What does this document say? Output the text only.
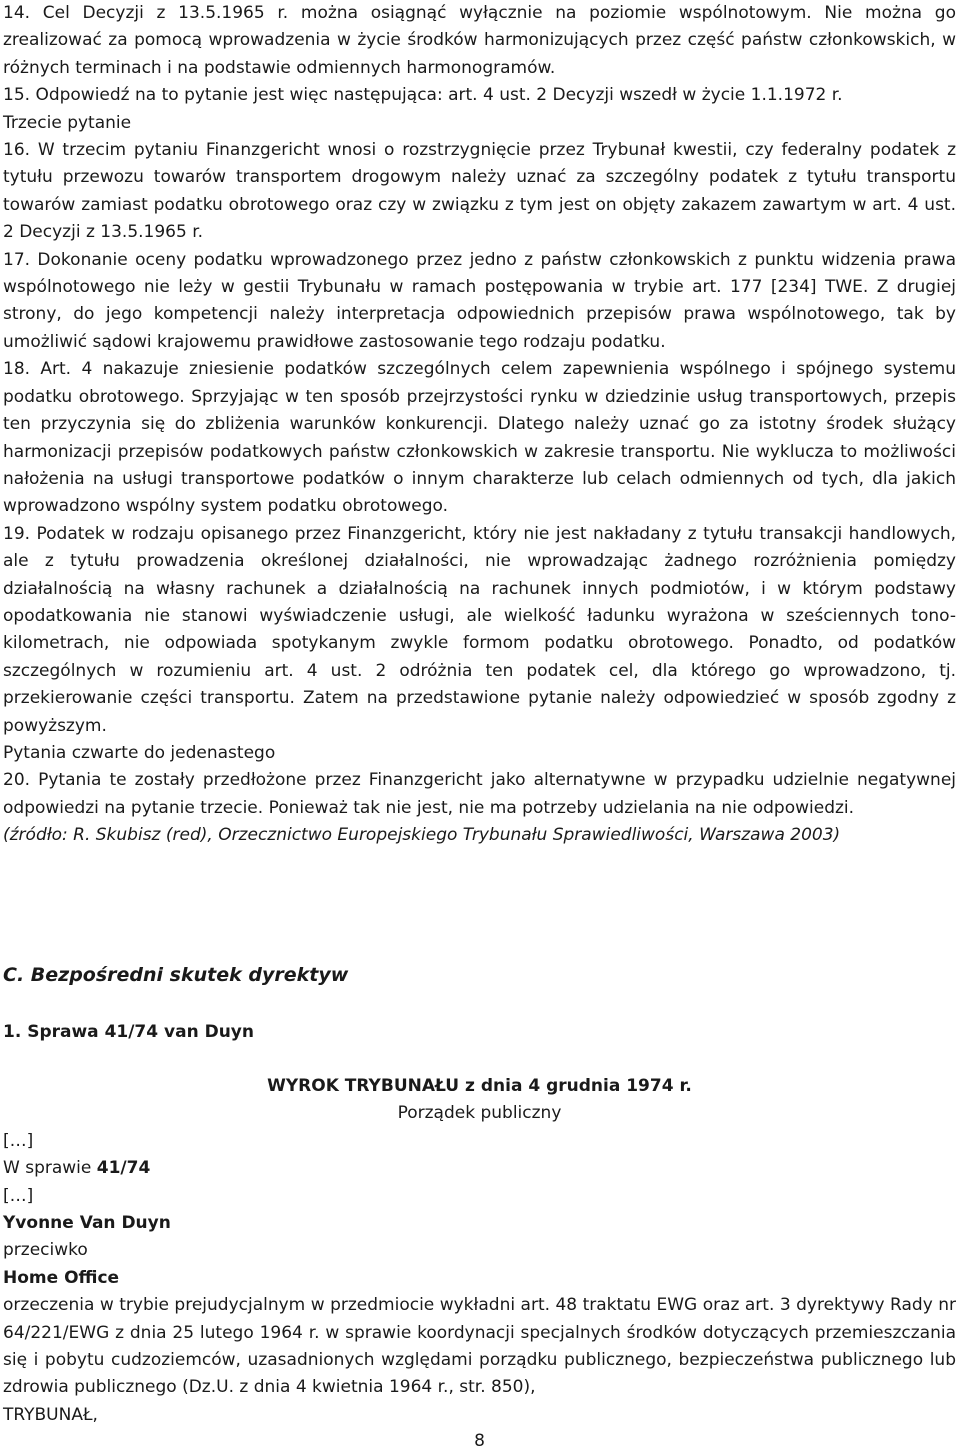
14. Cel Decyzji z 13.5.1965 r. można osiągnąć wyłącznie na poziomie wspólnotowym. Nie można go zrealizować za pomocą wprowadzenia w życie środków harmonizujących przez część państw członkowskich, w różnych terminach i na podstawie odmiennych harmonogramów.

15. Odpowiedź na to pytanie jest więc następująca: art. 4 ust. 2 Decyzji wszedł w życie 1.1.1972 r.

Trzecie pytanie

16. W trzecim pytaniu Finanzgericht wnosi o rozstrzygnięcie przez Trybunał kwestii, czy federalny podatek z tytułu przewozu towarów transportem drogowym należy uznać za szczególny podatek z tytułu transportu towarów zamiast podatku obrotowego oraz czy w związku z tym jest on objęty zakazem zawartym w art. 4 ust. 2 Decyzji z 13.5.1965 r.

17. Dokonanie oceny podatku wprowadzonego przez jedno z państw członkowskich z punktu widzenia prawa wspólnotowego nie leży w gestii Trybunału w ramach postępowania w trybie art. 177 [234] TWE. Z drugiej strony, do jego kompetencji należy interpretacja odpowiednich przepisów prawa wspólnotowego, tak by umożliwić sądowi krajowemu prawidłowe zastosowanie tego rodzaju podatku.

18. Art. 4 nakazuje zniesienie podatków szczególnych celem zapewnienia wspólnego i spójnego systemu podatku obrotowego. Sprzyjając w ten sposób przejrzystości rynku w dziedzinie usług transportowych, przepis ten przyczynia się do zbliżenia warunków konkurencji. Dlatego należy uznać go za istotny środek służący harmonizacji przepisów podatkowych państw członkowskich w zakresie transportu. Nie wyklucza to możliwości nałożenia na usługi transportowe podatków o innym charakterze lub celach odmiennych od tych, dla jakich wprowadzono wspólny system podatku obrotowego.

19. Podatek w rodzaju opisanego przez Finanzgericht, który nie jest nakładany z tytułu transakcji handlowych, ale z tytułu prowadzenia określonej działalności, nie wprowadzając żadnego rozróżnienia pomiędzy działalnością na własny rachunek a działalnością na rachunek innych podmiotów, i w którym podstawy opodatkowania nie stanowi wyświadczenie usługi, ale wielkość ładunku wyrażona w sześciennych tono-kilometrach, nie odpowiada spotykanym zwykle formom podatku obrotowego. Ponadto, od podatków szczególnych w rozumieniu art. 4 ust. 2 odróżnia ten podatek cel, dla którego go wprowadzono, tj. przekierowanie części transportu. Zatem na przedstawione pytanie należy odpowiedzieć w sposób zgodny z powyższym.

Pytania czwarte do jedenastego

20. Pytania te zostały przedłożone przez Finanzgericht jako alternatywne w przypadku udzielnie negatywnej odpowiedzi na pytanie trzecie. Ponieważ tak nie jest, nie ma potrzeby udzielania na nie odpowiedzi.

(źródło: R. Skubisz (red), Orzecznictwo Europejskiego Trybunału Sprawiedliwości, Warszawa 2003)

C. Bezpośredni skutek dyrektyw
1. Sprawa 41/74 van Duyn

WYROK TRYBUNAŁU z dnia 4 grudnia 1974 r.

Porządek publiczny

[…]

W sprawie 41/74

[…]

Yvonne Van Duyn

przeciwko

Home Office

orzeczenia w trybie prejudycjalnym w przedmiocie wykładni art. 48 traktatu EWG oraz art. 3 dyrektywy Rady nr 64/221/EWG z dnia 25 lutego 1964 r. w sprawie koordynacji specjalnych środków dotyczących przemieszczania się i pobytu cudzoziemców, uzasadnionych względami porządku publicznego, bezpieczeństwa publicznego lub zdrowia publicznego (Dz.U. z dnia 4 kwietnia 1964 r., str. 850),

TRYBUNAŁ,

8
